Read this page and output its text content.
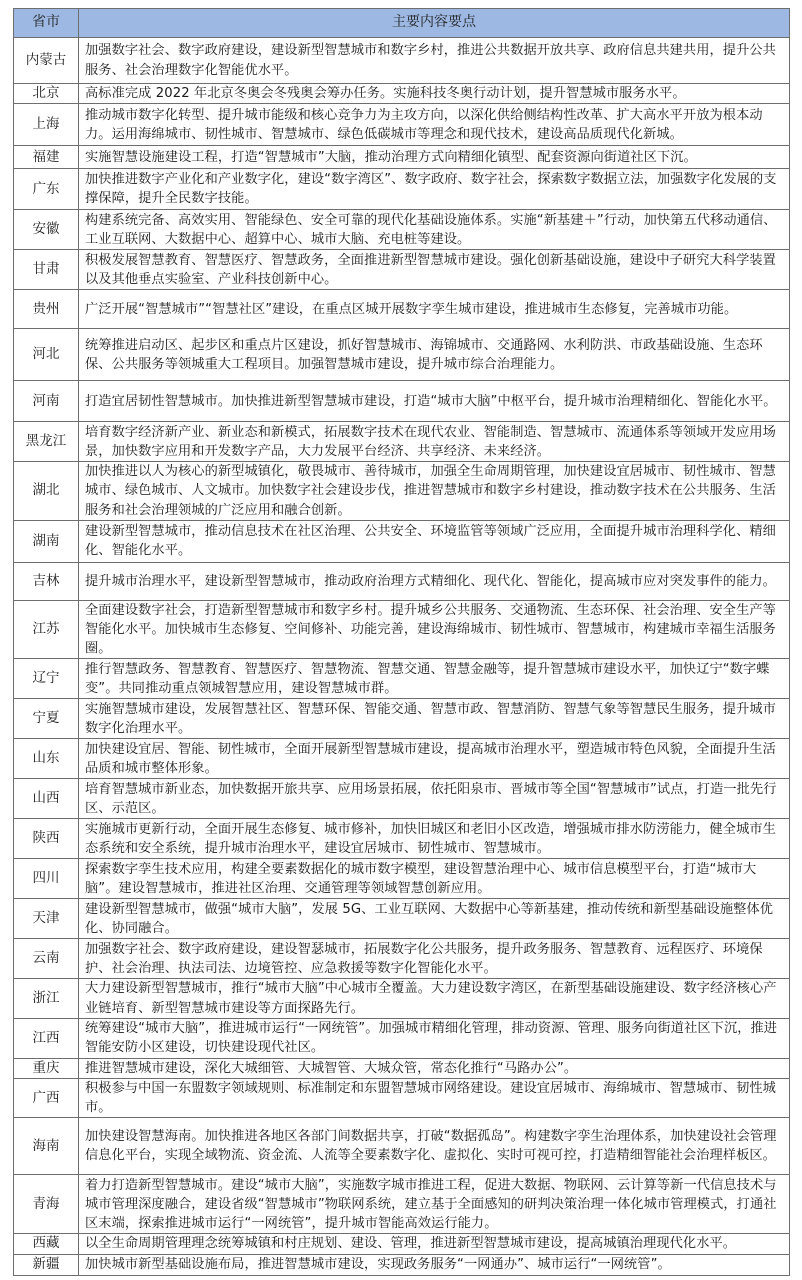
省市	主要内容要点
内蒙古	加强数字社会、数字政府建设，建设新型智慧城市和数字乡村，推进公共数据开放共享、政府信息共建共用，提升公共服务、社会治理数字化智能优水平。
北京	高标准完成 2022 年北京冬奥会冬残奥会筹办任务。实施科技冬奥行动计划，提升智慧城市服务水平。
上海	推动城市数字化转型、提升城市能级和核心竞争力为主攻方向，以深化供给侧结构性改革、扩大高水平开放为根本动力。运用海绵城市、韧性城市、智慧城市、绿色低碳城市等理念和现代技术，建设高品质现代化新城。
福建	实施智慧设施建设工程，打造“智慧城市”大脑，推动治理方式向精细化镇型、配套资源向街道社区下沉。
广东	加快推进数字产业化和产业数字化，建设“数字湾区”、数字政府、数字社会，探索数字数据立法，加强数字化发展的支撑保障，提升全民数字技能。
安徽	构建系统完备、高效实用、智能绿色、安全可靠的现代化基础设施体系。实施“新基建＋”行动，加快第五代移动通信、工业互联网、大数据中心、超算中心、城市大脑、充电桩等建设。
甘肃	积极发展智慧教育、智慧医疗、智慧政务，全面推进新型智慧城市建设。强化创新基础设施，建设中子研究大科学装置以及其他垂点实验室、产业科技创新中心。
贵州	广泛开展“智慧城市”“智慧社区”建设，在重点区城开展数字孪生城市建设，推进城市生态修复，完善城市功能。
河北	统筹推进启动区、起步区和重点片区建设，抓好智慧城市、海锦城市、交通路网、水利防洪、市政基础设施、生态环保、公共服务等领城重大工程项目。加强智慧城市建设，提升城市综合治理能力。
河南	打造宜居韧性智慧城市。加快推进新型智慧城市建设，打造“城市大脑”中枢平台，提升城市治理精细化、智能化水平。
黑龙江	培育数字经济新产业、新业态和新模式，拓展数字技术在现代农业、智能制造、智慧城市、流通体系等领域开发应用场景，加快数字应用和开发数字产品，大力发展平台经济、共享经济、未来经济。
湖北	加快推进以人为核心的新型城镇化，敬畏城市、善待城市，加强全生命周期管理，加快建设宜居城市、韧性城市、智慧城市、绿色城市、人文城市。加快数字社会建设步伐，推进智慧城市和数字乡村建设，推动数字技术在公共服务、生活服务和社会治理领城的广泛应用和融合创新。
湖南	建设新型智慧城市，推动信息技术在社区治理、公共安全、环境监管等领域广泛应用，全面提升城市治理科学化、精细化、智能化水平。
吉林	提升城市治理水平，建设新型智慧城市，推动政府治理方式精细化、现代化、智能化，提高城市应对突发事件的能力。
江苏	全面建设数字社会，打造新型智慧城市和数字乡村。提升城乡公共服务、交通物流、生态环保、社会治理、安全生产等智能化水平。加快城市生态修复、空间修补、功能完善，建设海绵城市、韧性城市、智慧城市，构建城市幸福生活服务圈。
辽宁	推行智慧政务、智慧教育、智慧医疗、智慧物流、智慧交通、智慧金融等，提升智慧城市建设水平，加快辽宁“数字蝶变”。共同推动重点领城智慧应用，建设智慧城市群。
宁夏	实施智慧城市建设，发展智慧社区、智慧环保、智能交通、智慧市政、智慧消防、智慧气象等智慧民生服务，提升城市数字化治理水平。
山东	加快建设宜居、智能、韧性城市，全面开展新型智慧城市建设，提高城市治理水平，塑造城市特色风貌，全面提升生活品质和城市整体形象。
山西	培育智慧城市新业态，加快数据开旅共享、应用场景拓展，依托阳泉市、晋城市等全国“智慧城市”试点，打造一批先行区、示范区。
陕西	实施城市更新行动，全面开展生态修复、城市修补，加快旧城区和老旧小区改造，增强城市排水防涝能力，健全城市生态系统和安全系统，提升城市治理水平，建设宜居城市、韧性城市、智慧城市。
四川	探索数字孪生技术应用，构建全要素数据化的城市数字模型，建设智慧治理中心、城市信息模型平台，打造“城市大脑”。建设智慧城市，推进社区治理、交通管理等领域智慧创新应用。
天津	建设新型智慧城市，做强“城市大脑”，发展 5G、工业互联网、大数据中心等新基建，推动传统和新型基础设施整体优化、协同融合。
云南	加强数字社会、数字政府建设，建设智瑟城市，拓展数字化公共服务，提升政务服务、智慧教育、远程医疗、环境保护、社会治理、执法司法、边境管控、应急救援等数字化智能化水平。
浙江	大力建设新型智慧城市，推行“城市大脑”中心城市全覆盖。大力建设数字湾区，在新型基础设施建设、数字经济核心产业链培育、新型智慧城市建设等方面探路先行。
江西	统筹建设“城市大脑”，推进城市运行“一网统管”。加强城市精细化管理，排动资源、管理、服务向街道社区下沉，推进智能安防小区建设，切快建设现代社区。
重庆	推进智慧城市建设，深化大城细管、大城智管、大城众管，常态化推行“马路办公”。
广西	积极参与中国一东盟数字领域规则、标准制定和东盟智慧城市网络建设。建设宜居城市、海绵城市、智慧城市、韧性城市。
海南	加快建设智慧海南。加快推进各地区各部门间数据共享，打破“数据孤岛”。构建数字孪生治理体系，加快建设社会管理信息化平台，实现全域物流、资金流、人流等全要素数字化、虚拟化、实时可视可控，打造精细智能社会治理样板区。
青海	着力打造新型智慧城市。建设“城市大脑”，实施数字城市推进工程，促进大数据、物联网、云计算等新一代信息技术与城市管理深度融合，建设省级“智慧城市”物联网系统，建立基于全面感知的研判决策治理一体化城市管理模式，打通社区末端，探索推进城市运行“一网统管”，提升城市智能高效运行能力。
西藏	以全生命周期管理理念统筹城镇和村庄规划、建设、管理，推进新型智慧城市建设，提高城镇治理现代化水平。
新疆	加快城市新型基础设施布局，推进智慧城市建设，实现政务服务“一网通办”、城市运行“一网统管”。
